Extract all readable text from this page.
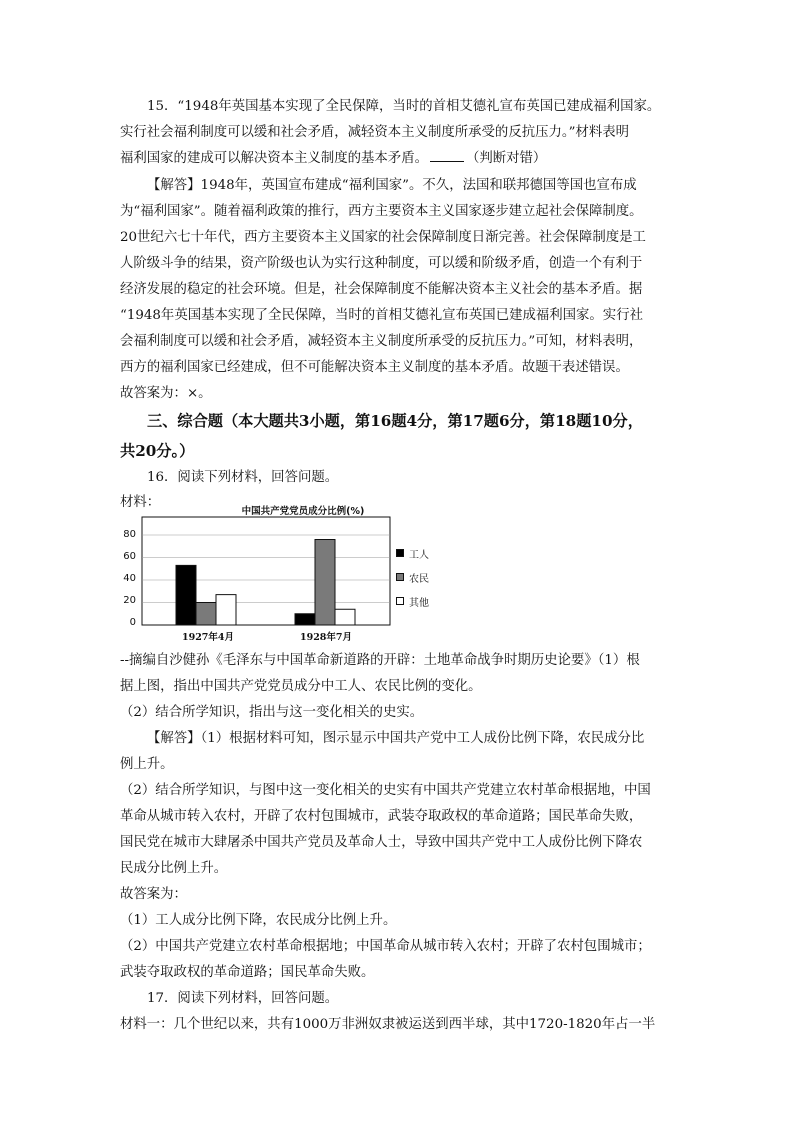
15．“1948年英国基本实现了全民保障，当时的首相艾德礼宣布英国已建成福利国家。

实行社会福利制度可以缓和社会矛盾，减轻资本主义制度所承受的反抗压力。”材料表明

福利国家的建成可以解决资本主义制度的基本矛盾。	（判断对错）

【解答】1948年，英国宣布建成“福利国家”。不久，法国和联邦德国等国也宣布成

为“福利国家”。随着福利政策的推行，西方主要资本主义国家逐步建立起社会保障制度。

20世纪六七十年代，西方主要资本主义国家的社会保障制度日渐完善。社会保障制度是工

人阶级斗争的结果，资产阶级也认为实行这种制度，可以缓和阶级矛盾，创造一个有利于

经济发展的稳定的社会环境。但是，社会保障制度不能解决资本主义社会的基本矛盾。据

“1948年英国基本实现了全民保障，当时的首相艾德礼宣布英国已建成福利国家。实行社

会福利制度可以缓和社会矛盾，减轻资本主义制度所承受的反抗压力。”可知，材料表明，

西方的福利国家已经建成，但不可能解决资本主义制度的基本矛盾。故题干表述错误。

故答案为：×。

三、综合题（本大题共3小题，第16题4分，第17题6分，第18题10分，
共20分。）

16．阅读下列材料，回答问题。

材料：

中国共产党党员成分比例(%)
0
20
40
60
80
1927年4月	1928年7月
工人
农民
其他

--摘编自沙健孙《毛泽东与中国革命新道路的开辟：土地革命战争时期历史论要》（1）根

据上图，指出中国共产党党员成分中工人、农民比例的变化。

（2）结合所学知识，指出与这一变化相关的史实。

【解答】（1）根据材料可知，图示显示中国共产党中工人成份比例下降，农民成分比

例上升。

（2）结合所学知识，与图中这一变化相关的史实有中国共产党建立农村革命根据地，中国

革命从城市转入农村，开辟了农村包围城市，武装夺取政权的革命道路；国民革命失败，

国民党在城市大肆屠杀中国共产党员及革命人士，导致中国共产党中工人成份比例下降农

民成分比例上升。

故答案为：

（1）工人成分比例下降，农民成分比例上升。

（2）中国共产党建立农村革命根据地；中国革命从城市转入农村；开辟了农村包围城市；

武装夺取政权的革命道路；国民革命失败。

17．阅读下列材料，回答问题。

材料一：几个世纪以来，共有1000万非洲奴隶被运送到西半球，其中1720-1820年占一半
